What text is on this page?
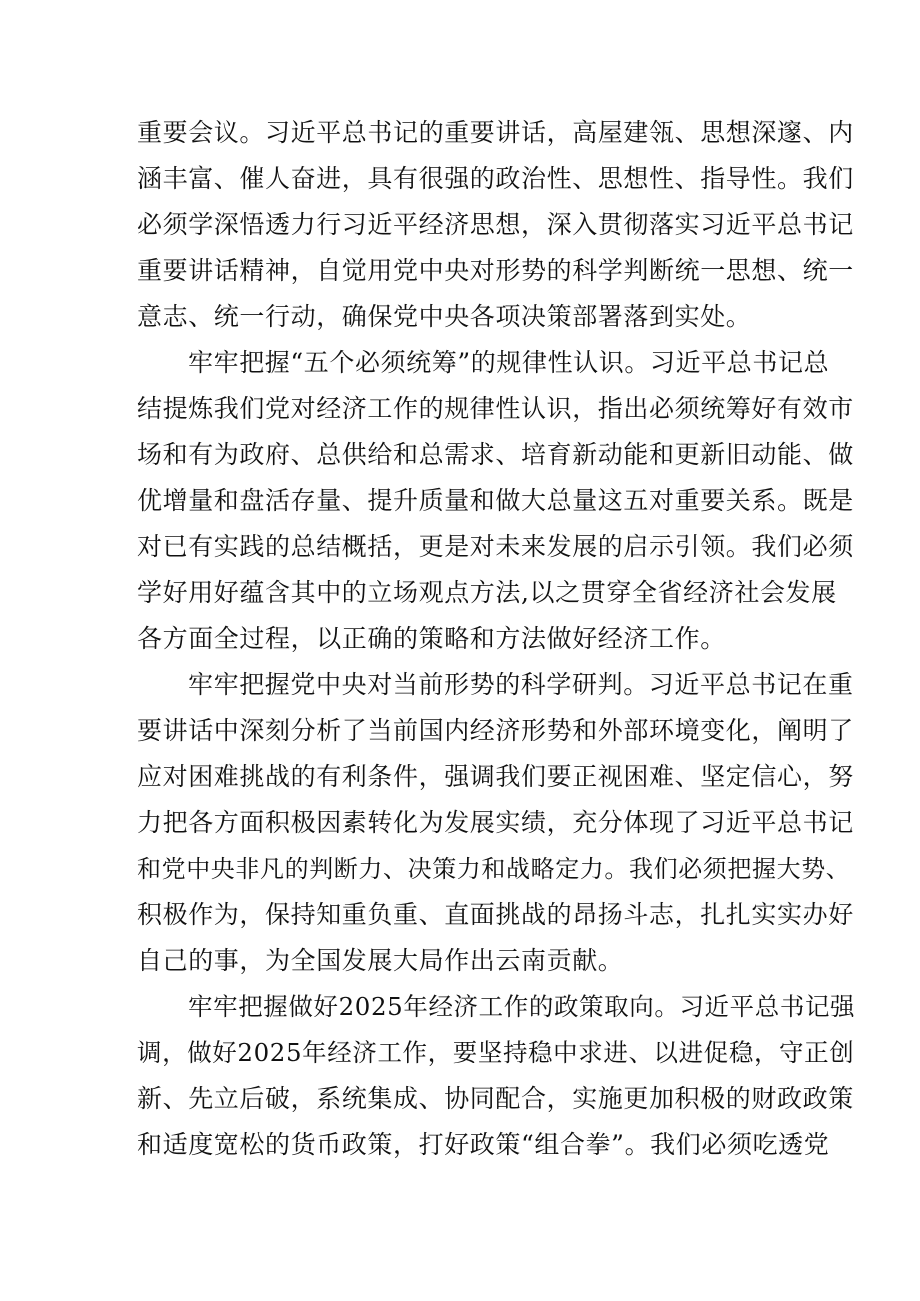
重要会议。习近平总书记的重要讲话，高屋建瓴、思想深邃、内
涵丰富、催人奋进，具有很强的政治性、思想性、指导性。我们
必须学深悟透力行习近平经济思想，深入贯彻落实习近平总书记
重要讲话精神，自觉用党中央对形势的科学判断统一思想、统一
意志、统一行动，确保党中央各项决策部署落到实处。
牢牢把握“五个必须统筹”的规律性认识。习近平总书记总
结提炼我们党对经济工作的规律性认识，指出必须统筹好有效市
场和有为政府、总供给和总需求、培育新动能和更新旧动能、做
优增量和盘活存量、提升质量和做大总量这五对重要关系。既是
对已有实践的总结概括，更是对未来发展的启示引领。我们必须
学好用好蕴含其中的立场观点方法,以之贯穿全省经济社会发展
各方面全过程，以正确的策略和方法做好经济工作。
牢牢把握党中央对当前形势的科学研判。习近平总书记在重
要讲话中深刻分析了当前国内经济形势和外部环境变化，阐明了
应对困难挑战的有利条件，强调我们要正视困难、坚定信心，努
力把各方面积极因素转化为发展实绩，充分体现了习近平总书记
和党中央非凡的判断力、决策力和战略定力。我们必须把握大势、
积极作为，保持知重负重、直面挑战的昂扬斗志，扎扎实实办好
自己的事，为全国发展大局作出云南贡献。
牢牢把握做好2025年经济工作的政策取向。习近平总书记强
调，做好2025年经济工作，要坚持稳中求进、以进促稳，守正创
新、先立后破，系统集成、协同配合，实施更加积极的财政政策
和适度宽松的货币政策，打好政策“组合拳”。我们必须吃透党
